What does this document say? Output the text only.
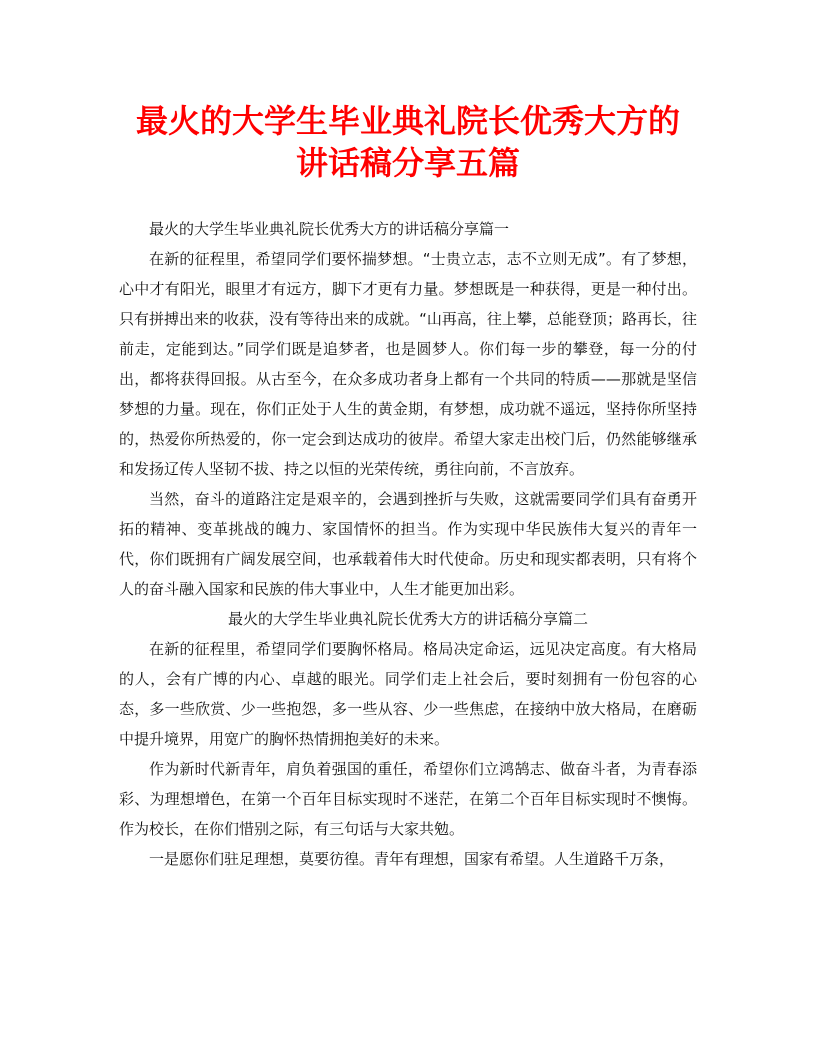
最火的大学生毕业典礼院长优秀大方的
讲话稿分享五篇

最火的大学生毕业典礼院长优秀大方的讲话稿分享篇一

在新的征程里，希望同学们要怀揣梦想。“士贵立志，志不立则无成”。有了梦想，心中才有阳光，眼里才有远方，脚下才更有力量。梦想既是一种获得，更是一种付出。只有拼搏出来的收获，没有等待出来的成就。“山再高，往上攀，总能登顶；路再长，往前走，定能到达。”同学们既是追梦者，也是圆梦人。你们每一步的攀登，每一分的付出，都将获得回报。从古至今，在众多成功者身上都有一个共同的特质——那就是坚信梦想的力量。现在，你们正处于人生的黄金期，有梦想，成功就不遥远，坚持你所坚持的，热爱你所热爱的，你一定会到达成功的彼岸。希望大家走出校门后，仍然能够继承和发扬辽传人坚韧不拔、持之以恒的光荣传统，勇往向前，不言放弃。

当然，奋斗的道路注定是艰辛的，会遇到挫折与失败，这就需要同学们具有奋勇开拓的精神、变革挑战的魄力、家国情怀的担当。作为实现中华民族伟大复兴的青年一代，你们既拥有广阔发展空间，也承载着伟大时代使命。历史和现实都表明，只有将个人的奋斗融入国家和民族的伟大事业中，人生才能更加出彩。

最火的大学生毕业典礼院长优秀大方的讲话稿分享篇二

在新的征程里，希望同学们要胸怀格局。格局决定命运，远见决定高度。有大格局的人，会有广博的内心、卓越的眼光。同学们走上社会后，要时刻拥有一份包容的心态，多一些欣赏、少一些抱怨，多一些从容、少一些焦虑，在接纳中放大格局，在磨砺中提升境界，用宽广的胸怀热情拥抱美好的未来。

作为新时代新青年，肩负着强国的重任，希望你们立鸿鹄志、做奋斗者，为青春添彩、为理想增色，在第一个百年目标实现时不迷茫，在第二个百年目标实现时不懊悔。作为校长，在你们惜别之际，有三句话与大家共勉。

一是愿你们驻足理想，莫要彷徨。青年有理想，国家有希望。人生道路千万条，
